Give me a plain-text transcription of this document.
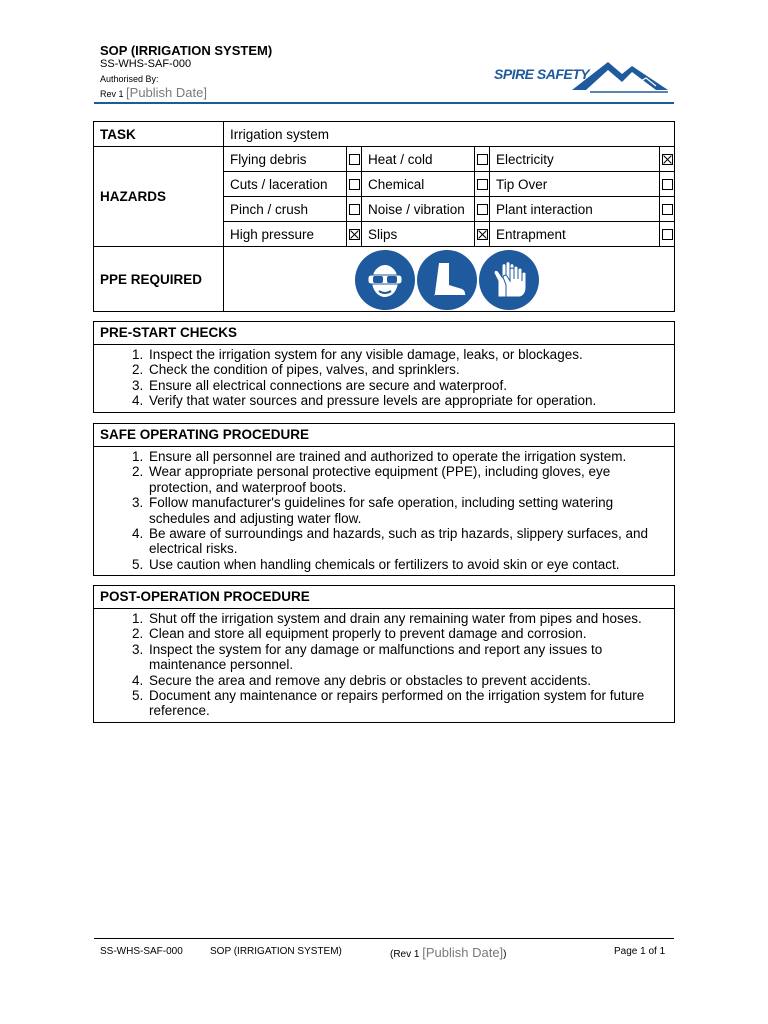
SOP (IRRIGATION SYSTEM)
SS-WHS-SAF-000
Authorised By:
Rev 1 [Publish Date]
SPIRE SAFETY
TASK	Irrigation system					
HAZARDS	Flying debris		Heat / cold		Electricity	
	Cuts / laceration		Chemical		Tip Over	
	Pinch / crush		Noise / vibration		Plant interaction	
	High pressure		Slips		Entrapment	
PPE REQUIRED	
PRE-START CHECKS
1. Inspect the irrigation system for any visible damage, leaks, or blockages.
2. Check the condition of pipes, valves, and sprinklers.
3. Ensure all electrical connections are secure and waterproof.
4. Verify that water sources and pressure levels are appropriate for operation.
SAFE OPERATING PROCEDURE
1. Ensure all personnel are trained and authorized to operate the irrigation system.
2. Wear appropriate personal protective equipment (PPE), including gloves, eye protection, and waterproof boots.
3. Follow manufacturer's guidelines for safe operation, including setting watering schedules and adjusting water flow.
4. Be aware of surroundings and hazards, such as trip hazards, slippery surfaces, and electrical risks.
5. Use caution when handling chemicals or fertilizers to avoid skin or eye contact.
POST-OPERATION PROCEDURE
1. Shut off the irrigation system and drain any remaining water from pipes and hoses.
2. Clean and store all equipment properly to prevent damage and corrosion.
3. Inspect the system for any damage or malfunctions and report any issues to maintenance personnel.
4. Secure the area and remove any debris or obstacles to prevent accidents.
5. Document any maintenance or repairs performed on the irrigation system for future reference.
SS-WHS-SAF-000	SOP (IRRIGATION SYSTEM)	(Rev 1 [Publish Date])	Page 1 of 1
